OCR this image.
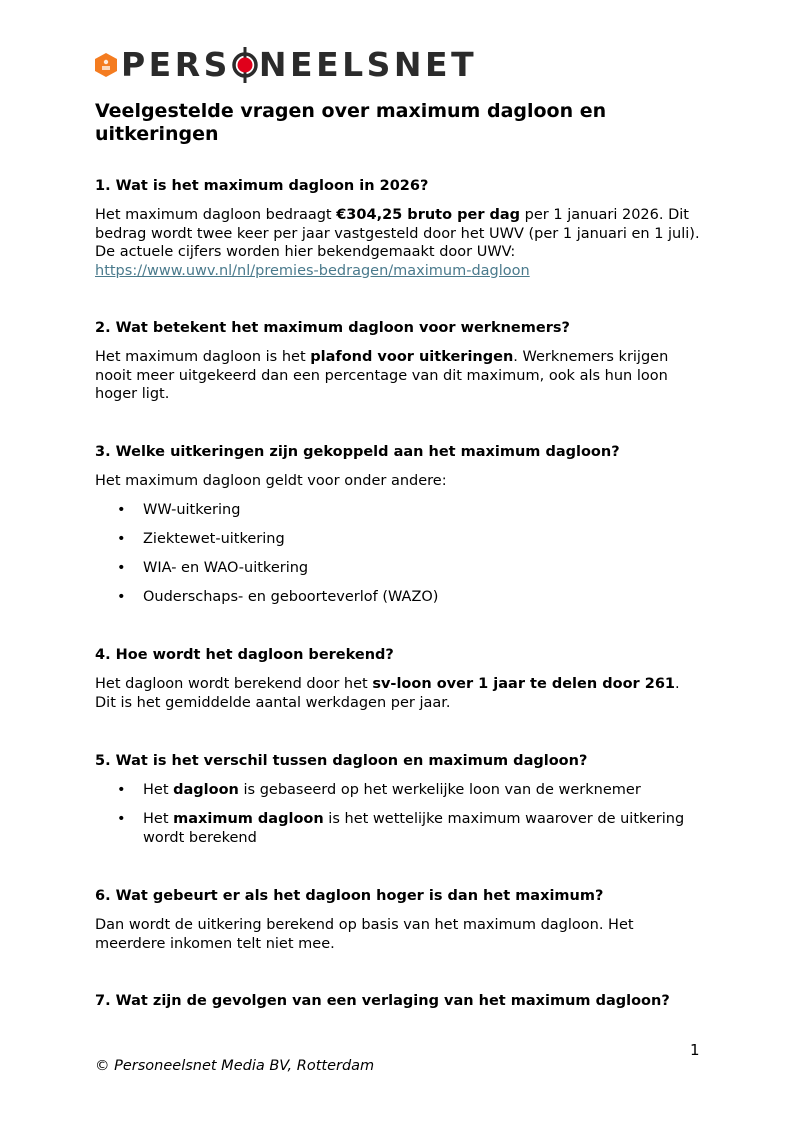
PERS NEELSNET
Veelgestelde vragen over maximum dagloon en uitkeringen
1. Wat is het maximum dagloon in 2026?

Het maximum dagloon bedraagt €304,25 bruto per dag per 1 januari 2026. Dit bedrag wordt twee keer per jaar vastgesteld door het UWV (per 1 januari en 1 juli). De actuele cijfers worden hier bekendgemaakt door UWV:
https://www.uwv.nl/nl/premies-bedragen/maximum-dagloon

2. Wat betekent het maximum dagloon voor werknemers?

Het maximum dagloon is het plafond voor uitkeringen. Werknemers krijgen nooit meer uitgekeerd dan een percentage van dit maximum, ook als hun loon hoger ligt.

3. Welke uitkeringen zijn gekoppeld aan het maximum dagloon?

Het maximum dagloon geldt voor onder andere:

• WW-uitkering
• Ziektewet-uitkering
• WIA- en WAO-uitkering
• Ouderschaps- en geboorteverlof (WAZO)
4. Hoe wordt het dagloon berekend?

Het dagloon wordt berekend door het sv-loon over 1 jaar te delen door 261. Dit is het gemiddelde aantal werkdagen per jaar.

5. Wat is het verschil tussen dagloon en maximum dagloon?
• Het dagloon is gebaseerd op het werkelijke loon van de werknemer
• Het maximum dagloon is het wettelijke maximum waarover de uitkering wordt berekend
6. Wat gebeurt er als het dagloon hoger is dan het maximum?

Dan wordt de uitkering berekend op basis van het maximum dagloon. Het meerdere inkomen telt niet mee.

7. Wat zijn de gevolgen van een verlaging van het maximum dagloon?
1
© Personeelsnet Media BV, Rotterdam
